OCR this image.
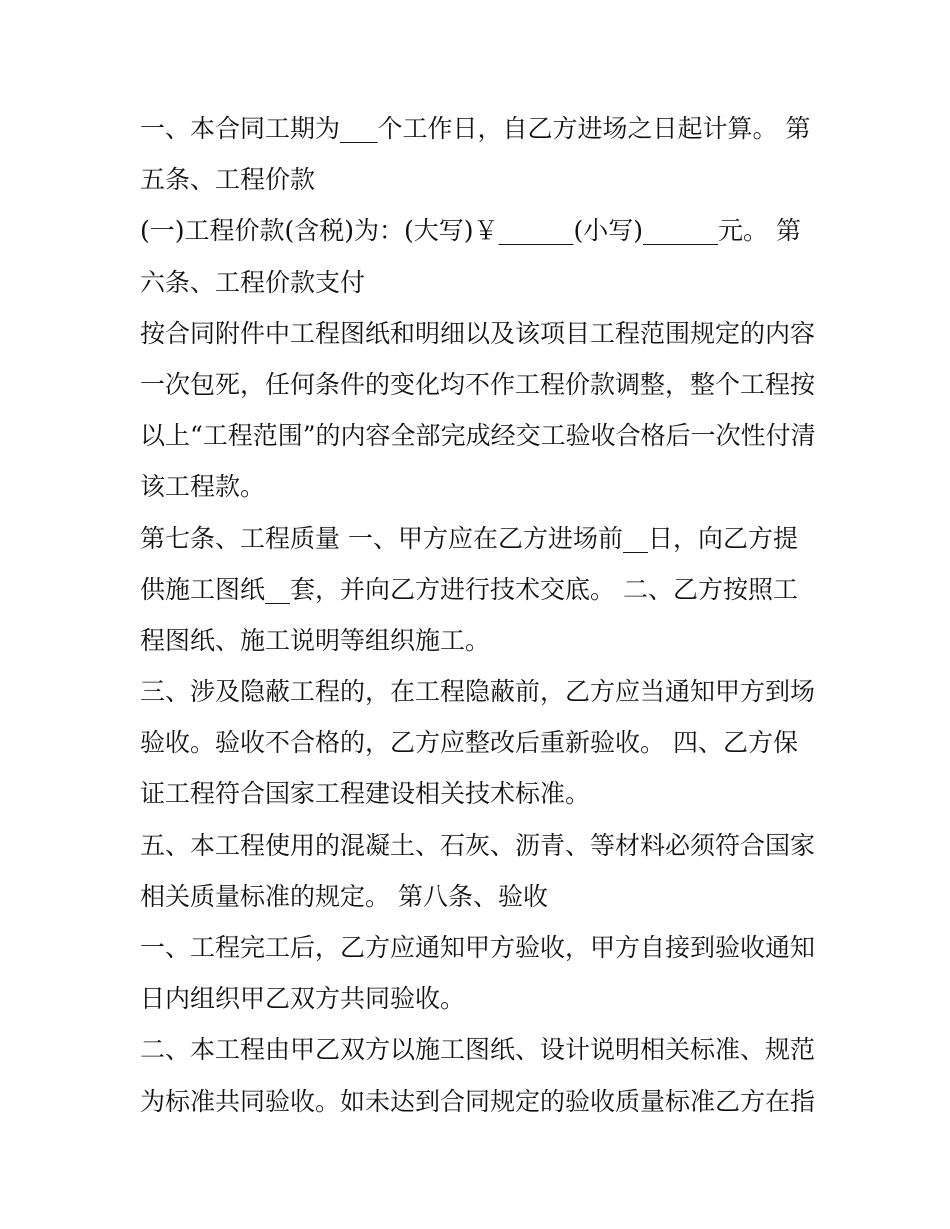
一、本合同工期为___个工作日，自乙方进场之日起计算。 第
五条、工程价款
(一)工程价款(含税)为：(大写)￥______(小写)______元。 第
六条、工程价款支付
按合同附件中工程图纸和明细以及该项目工程范围规定的内容
一次包死，任何条件的变化均不作工程价款调整，整个工程按
以上“工程范围”的内容全部完成经交工验收合格后一次性付清
该工程款。
第七条、工程质量 一、甲方应在乙方进场前__日，向乙方提
供施工图纸__套，并向乙方进行技术交底。 二、乙方按照工
程图纸、施工说明等组织施工。
三、涉及隐蔽工程的，在工程隐蔽前，乙方应当通知甲方到场
验收。验收不合格的，乙方应整改后重新验收。 四、乙方保
证工程符合国家工程建设相关技术标准。
五、本工程使用的混凝土、石灰、沥青、等材料必须符合国家
相关质量标准的规定。 第八条、验收
一、工程完工后，乙方应通知甲方验收，甲方自接到验收通知
日内组织甲乙双方共同验收。
二、本工程由甲乙双方以施工图纸、设计说明相关标准、规范
为标准共同验收。如未达到合同规定的验收质量标准乙方在指
